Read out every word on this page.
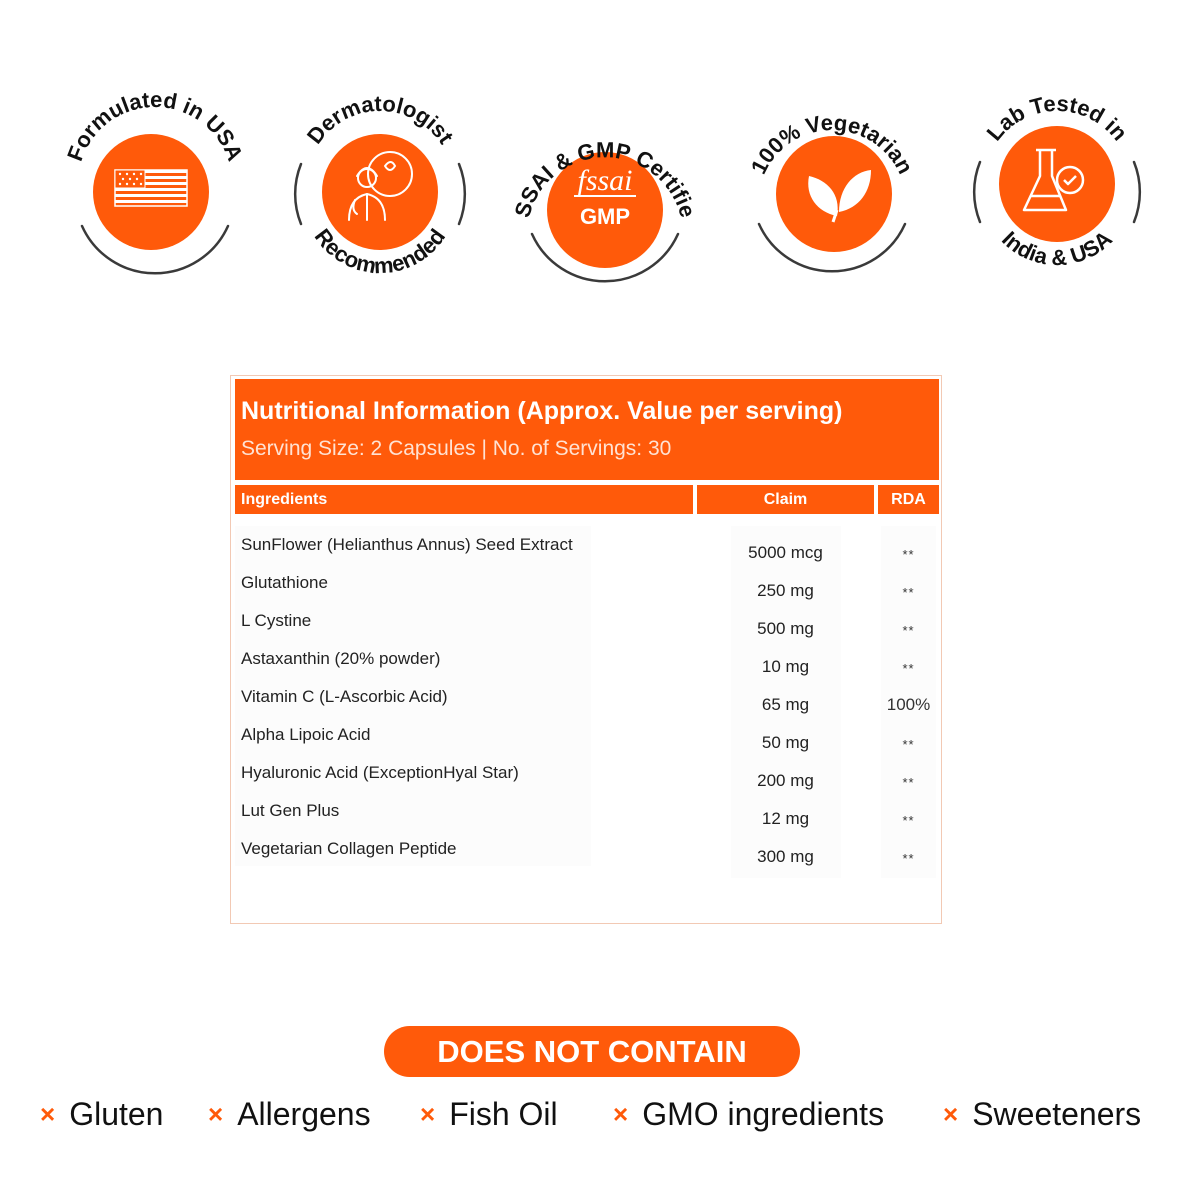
Formulated in USA
Dermatologist
Recommended
FSSAI & GMP Certified
fssai
GMP
100% Vegetarian
Lab Tested in
India & USA
Nutritional Information (Approx. Value per serving)
Serving Size: 2 Capsules | No. of Servings: 30
Ingredients	Claim	RDA
SunFlower (Helianthus Annus) Seed Extract	5000 mcg	**
Glutathione	250 mg	**
L Cystine	500 mg	**
Astaxanthin (20% powder)	10 mg	**
Vitamin C (L-Ascorbic Acid)	65 mg	100%
Alpha Lipoic Acid	50 mg	**
Hyaluronic Acid (ExceptionHyal Star)	200 mg	**
Lut Gen Plus	12 mg	**
Vegetarian Collagen Peptide	300 mg	**
DOES NOT CONTAIN
× Gluten × Allergens × Fish Oil × GMO ingredients × Sweeteners
